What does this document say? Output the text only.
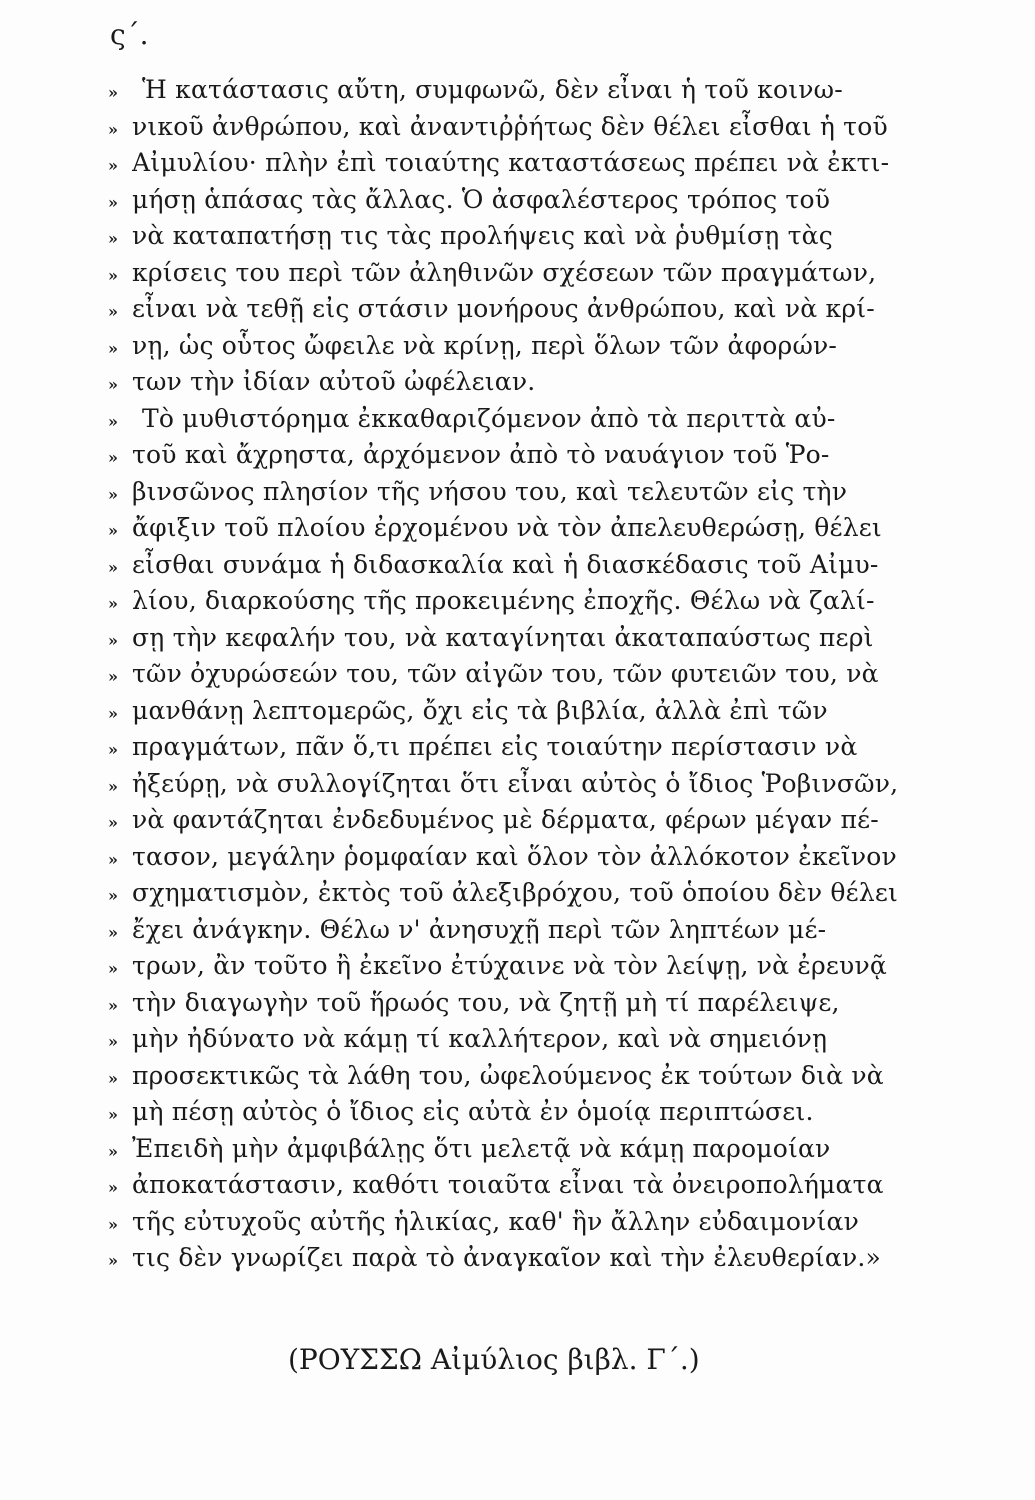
ς΄.
» Ἡ κατάστασις αὔτη, συμφωνῶ, δὲν εἶναι ἡ τοῦ κοινω-
» νικοῦ ἀνθρώπου, καὶ ἀναντιῤῥήτως δὲν θέλει εἶσθαι ἡ τοῦ
» Αἰμυλίου· πλὴν ἐπὶ τοιαύτης καταστάσεως πρέπει νὰ ἐκτι-
» μήσῃ ἁπάσας τὰς ἄλλας. Ὁ ἀσφαλέστερος τρόπος τοῦ
» νὰ καταπατήσῃ τις τὰς προλήψεις καὶ νὰ ῥυθμίσῃ τὰς
» κρίσεις του περὶ τῶν ἀληθινῶν σχέσεων τῶν πραγμάτων,
» εἶναι νὰ τεθῇ εἰς στάσιν μονήρους ἀνθρώπου, καὶ νὰ κρί-
» νῃ, ὡς οὗτος ὤφειλε νὰ κρίνῃ, περὶ ὅλων τῶν ἀφορών-
» των τὴν ἰδίαν αὐτοῦ ὠφέλειαν.
» Τὸ μυθιστόρημα ἐκκαθαριζόμενον ἀπὸ τὰ περιττὰ αὐ-
» τοῦ καὶ ἄχρηστα, ἀρχόμενον ἀπὸ τὸ ναυάγιον τοῦ Ῥο-
» βινσῶνος πλησίον τῆς νήσου του, καὶ τελευτῶν εἰς τὴν
» ἄφιξιν τοῦ πλοίου ἐρχομένου νὰ τὸν ἀπελευθερώσῃ, θέλει
» εἶσθαι συνάμα ἡ διδασκαλία καὶ ἡ διασκέδασις τοῦ Αἰμυ-
» λίου, διαρκούσης τῆς προκειμένης ἐποχῆς. Θέλω νὰ ζαλί-
» σῃ τὴν κεφαλήν του, νὰ καταγίνηται ἀκαταπαύστως περὶ
» τῶν ὀχυρώσεών του, τῶν αἰγῶν του, τῶν φυτειῶν του, νὰ
» μανθάνῃ λεπτομερῶς, ὄχι εἰς τὰ βιβλία, ἀλλὰ ἐπὶ τῶν
» πραγμάτων, πᾶν ὅ,τι πρέπει εἰς τοιαύτην περίστασιν νὰ
» ἠξεύρῃ, νὰ συλλογίζηται ὅτι εἶναι αὐτὸς ὁ ἴδιος Ῥοβινσῶν,
» νὰ φαντάζηται ἐνδεδυμένος μὲ δέρματα, φέρων μέγαν πέ-
» τασον, μεγάλην ῥομφαίαν καὶ ὅλον τὸν ἀλλόκοτον ἐκεῖνον
» σχηματισμὸν, ἐκτὸς τοῦ ἀλεξιβρόχου, τοῦ ὁποίου δὲν θέλει
» ἔχει ἀνάγκην. Θέλω ν' ἀνησυχῇ περὶ τῶν ληπτέων μέ-
» τρων, ἂν τοῦτο ἢ ἐκεῖνο ἐτύχαινε νὰ τὸν λείψῃ, νὰ ἐρευνᾷ
» τὴν διαγωγὴν τοῦ ἥρωός του, νὰ ζητῇ μὴ τί παρέλειψε,
» μὴν ἠδύνατο νὰ κάμῃ τί καλλήτερον, καὶ νὰ σημειόνῃ
» προσεκτικῶς τὰ λάθη του, ὠφελούμενος ἐκ τούτων διὰ νὰ
» μὴ πέσῃ αὐτὸς ὁ ἴδιος εἰς αὐτὰ ἐν ὁμοίᾳ περιπτώσει.
» Ἐπειδὴ μὴν ἀμφιβάλῃς ὅτι μελετᾷ νὰ κάμῃ παρομοίαν
» ἀποκατάστασιν, καθότι τοιαῦτα εἶναι τὰ ὀνειροπολήματα
» τῆς εὐτυχοῦς αὐτῆς ἡλικίας, καθ' ἣν ἄλλην εὐδαιμονίαν
» τις δὲν γνωρίζει παρὰ τὸ ἀναγκαῖον καὶ τὴν ἐλευθερίαν.»
(ΡΟΥΣΣΩ Αἰμύλιος βιβλ. Γ΄.)
